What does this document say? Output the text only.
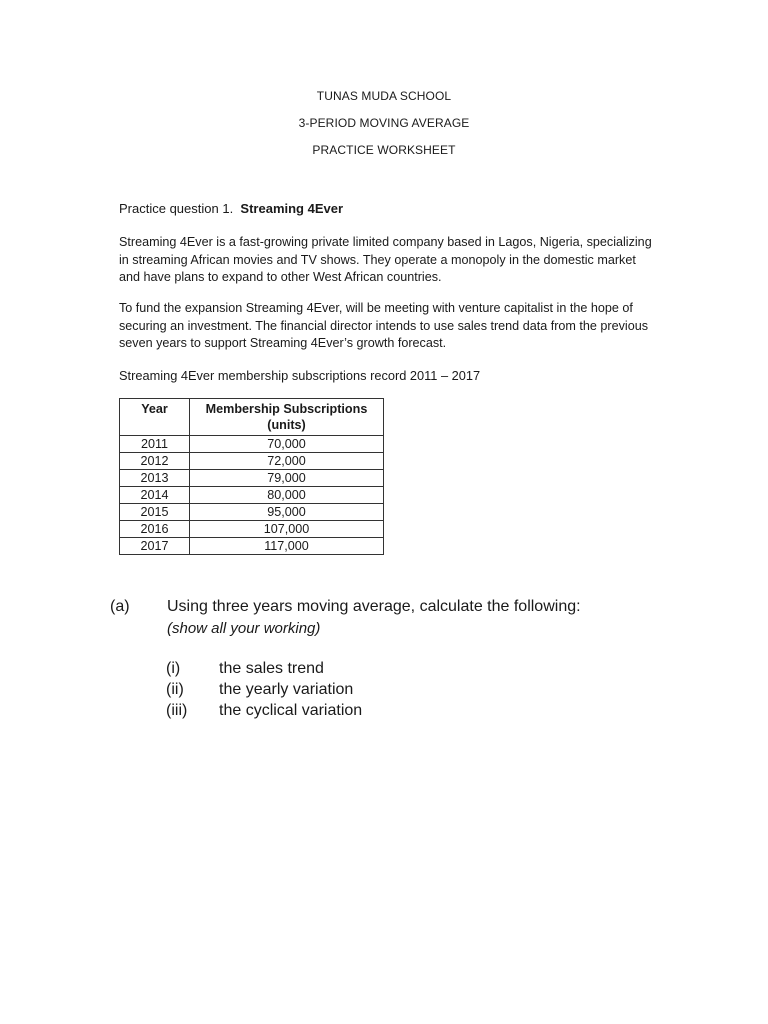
TUNAS MUDA SCHOOL
3-PERIOD MOVING AVERAGE
PRACTICE WORKSHEET
Practice question 1. Streaming 4Ever
Streaming 4Ever is a fast-growing private limited company based in Lagos, Nigeria, specializing in streaming African movies and TV shows. They operate a monopoly in the domestic market and have plans to expand to other West African countries.
To fund the expansion Streaming 4Ever, will be meeting with venture capitalist in the hope of securing an investment. The financial director intends to use sales trend data from the previous seven years to support Streaming 4Ever’s growth forecast.
Streaming 4Ever membership subscriptions record 2011 – 2017
Year	Membership Subscriptions
(units)
2011	70,000
2012	72,000
2013	79,000
2014	80,000
2015	95,000
2016	107,000
2017	117,000
(a) Using three years moving average, calculate the following:
(show all your working)
(i) the sales trend
(ii) the yearly variation
(iii) the cyclical variation
